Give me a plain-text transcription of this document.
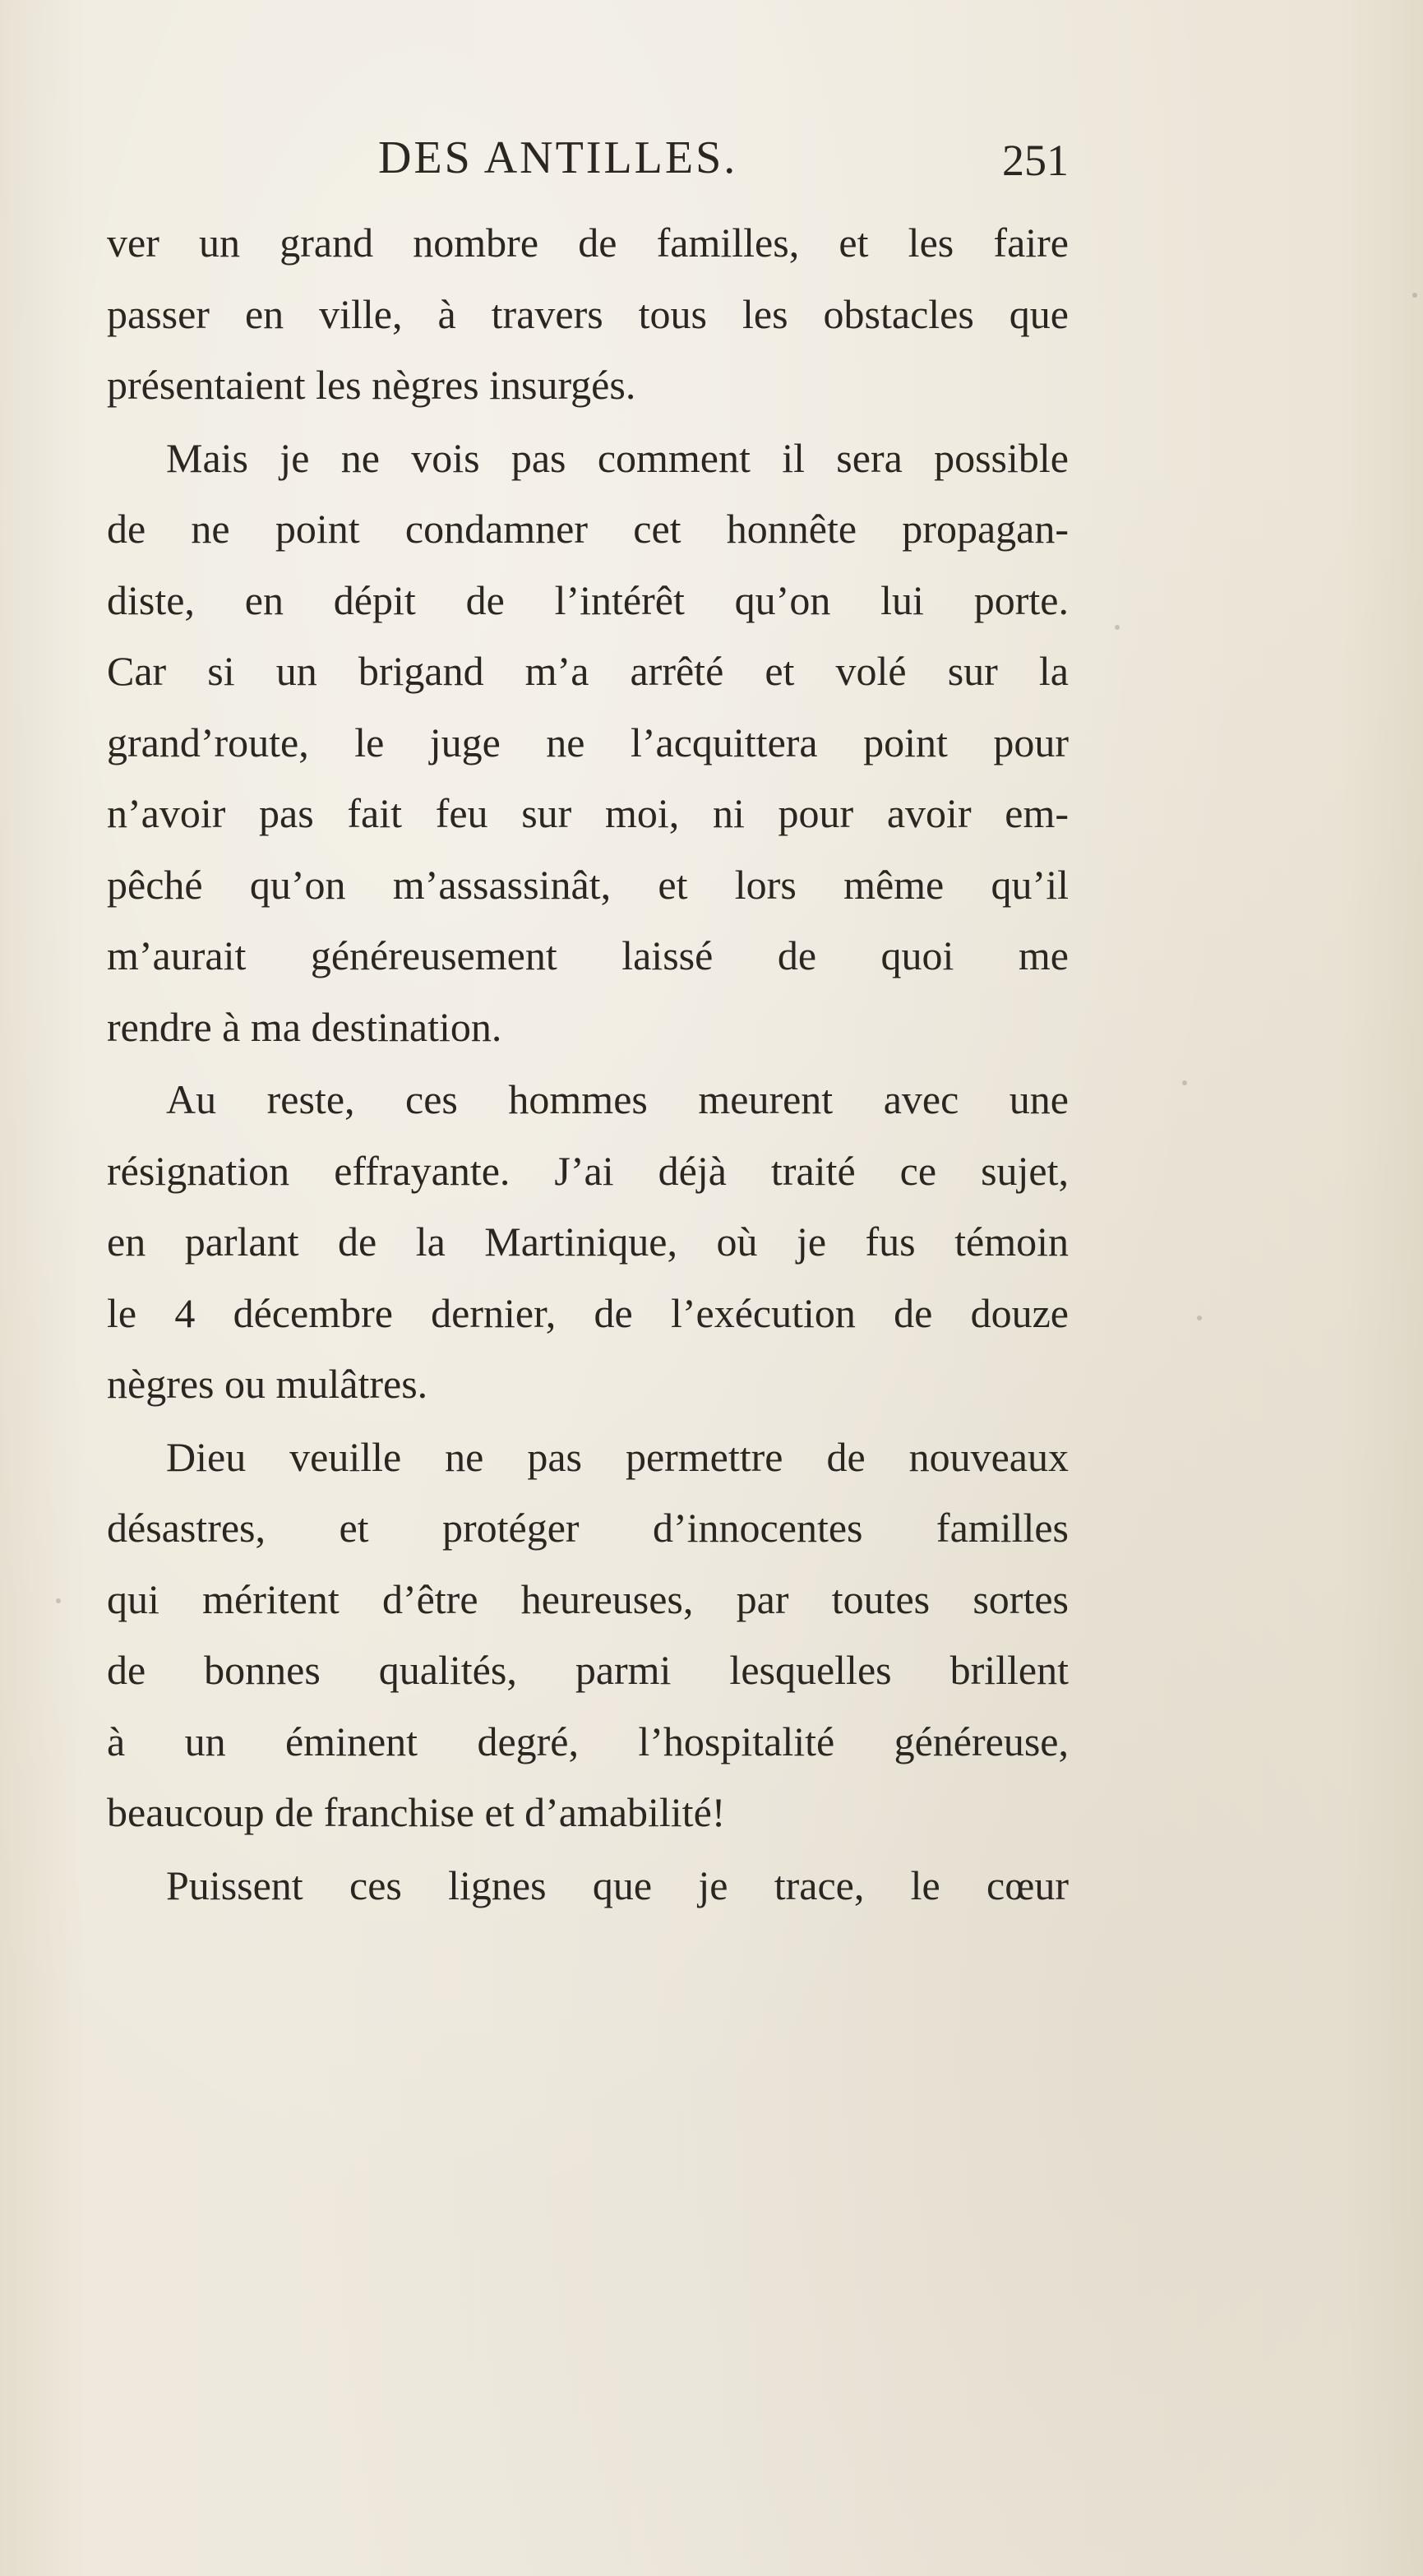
DES ANTILLES.	251
ver un grand nombre de familles, et les faire
passer en ville, à travers tous les obstacles que
présentaient les nègres insurgés.
Mais je ne vois pas comment il sera possible
de ne point condamner cet honnête propagan-
diste, en dépit de l’intérêt qu’on lui porte.
Car si un brigand m’a arrêté et volé sur la
grand’route, le juge ne l’acquittera point pour
n’avoir pas fait feu sur moi, ni pour avoir em-
pêché qu’on m’assassinât, et lors même qu’il
m’aurait généreusement laissé de quoi me
rendre à ma destination.
Au reste, ces hommes meurent avec une
résignation effrayante. J’ai déjà traité ce sujet,
en parlant de la Martinique, où je fus témoin
le 4 décembre dernier, de l’exécution de douze
nègres ou mulâtres.
Dieu veuille ne pas permettre de nouveaux
désastres, et protéger d’innocentes familles
qui méritent d’être heureuses, par toutes sortes
de bonnes qualités, parmi lesquelles brillent
à un éminent degré, l’hospitalité généreuse,
beaucoup de franchise et d’amabilité!
Puissent ces lignes que je trace, le cœur
